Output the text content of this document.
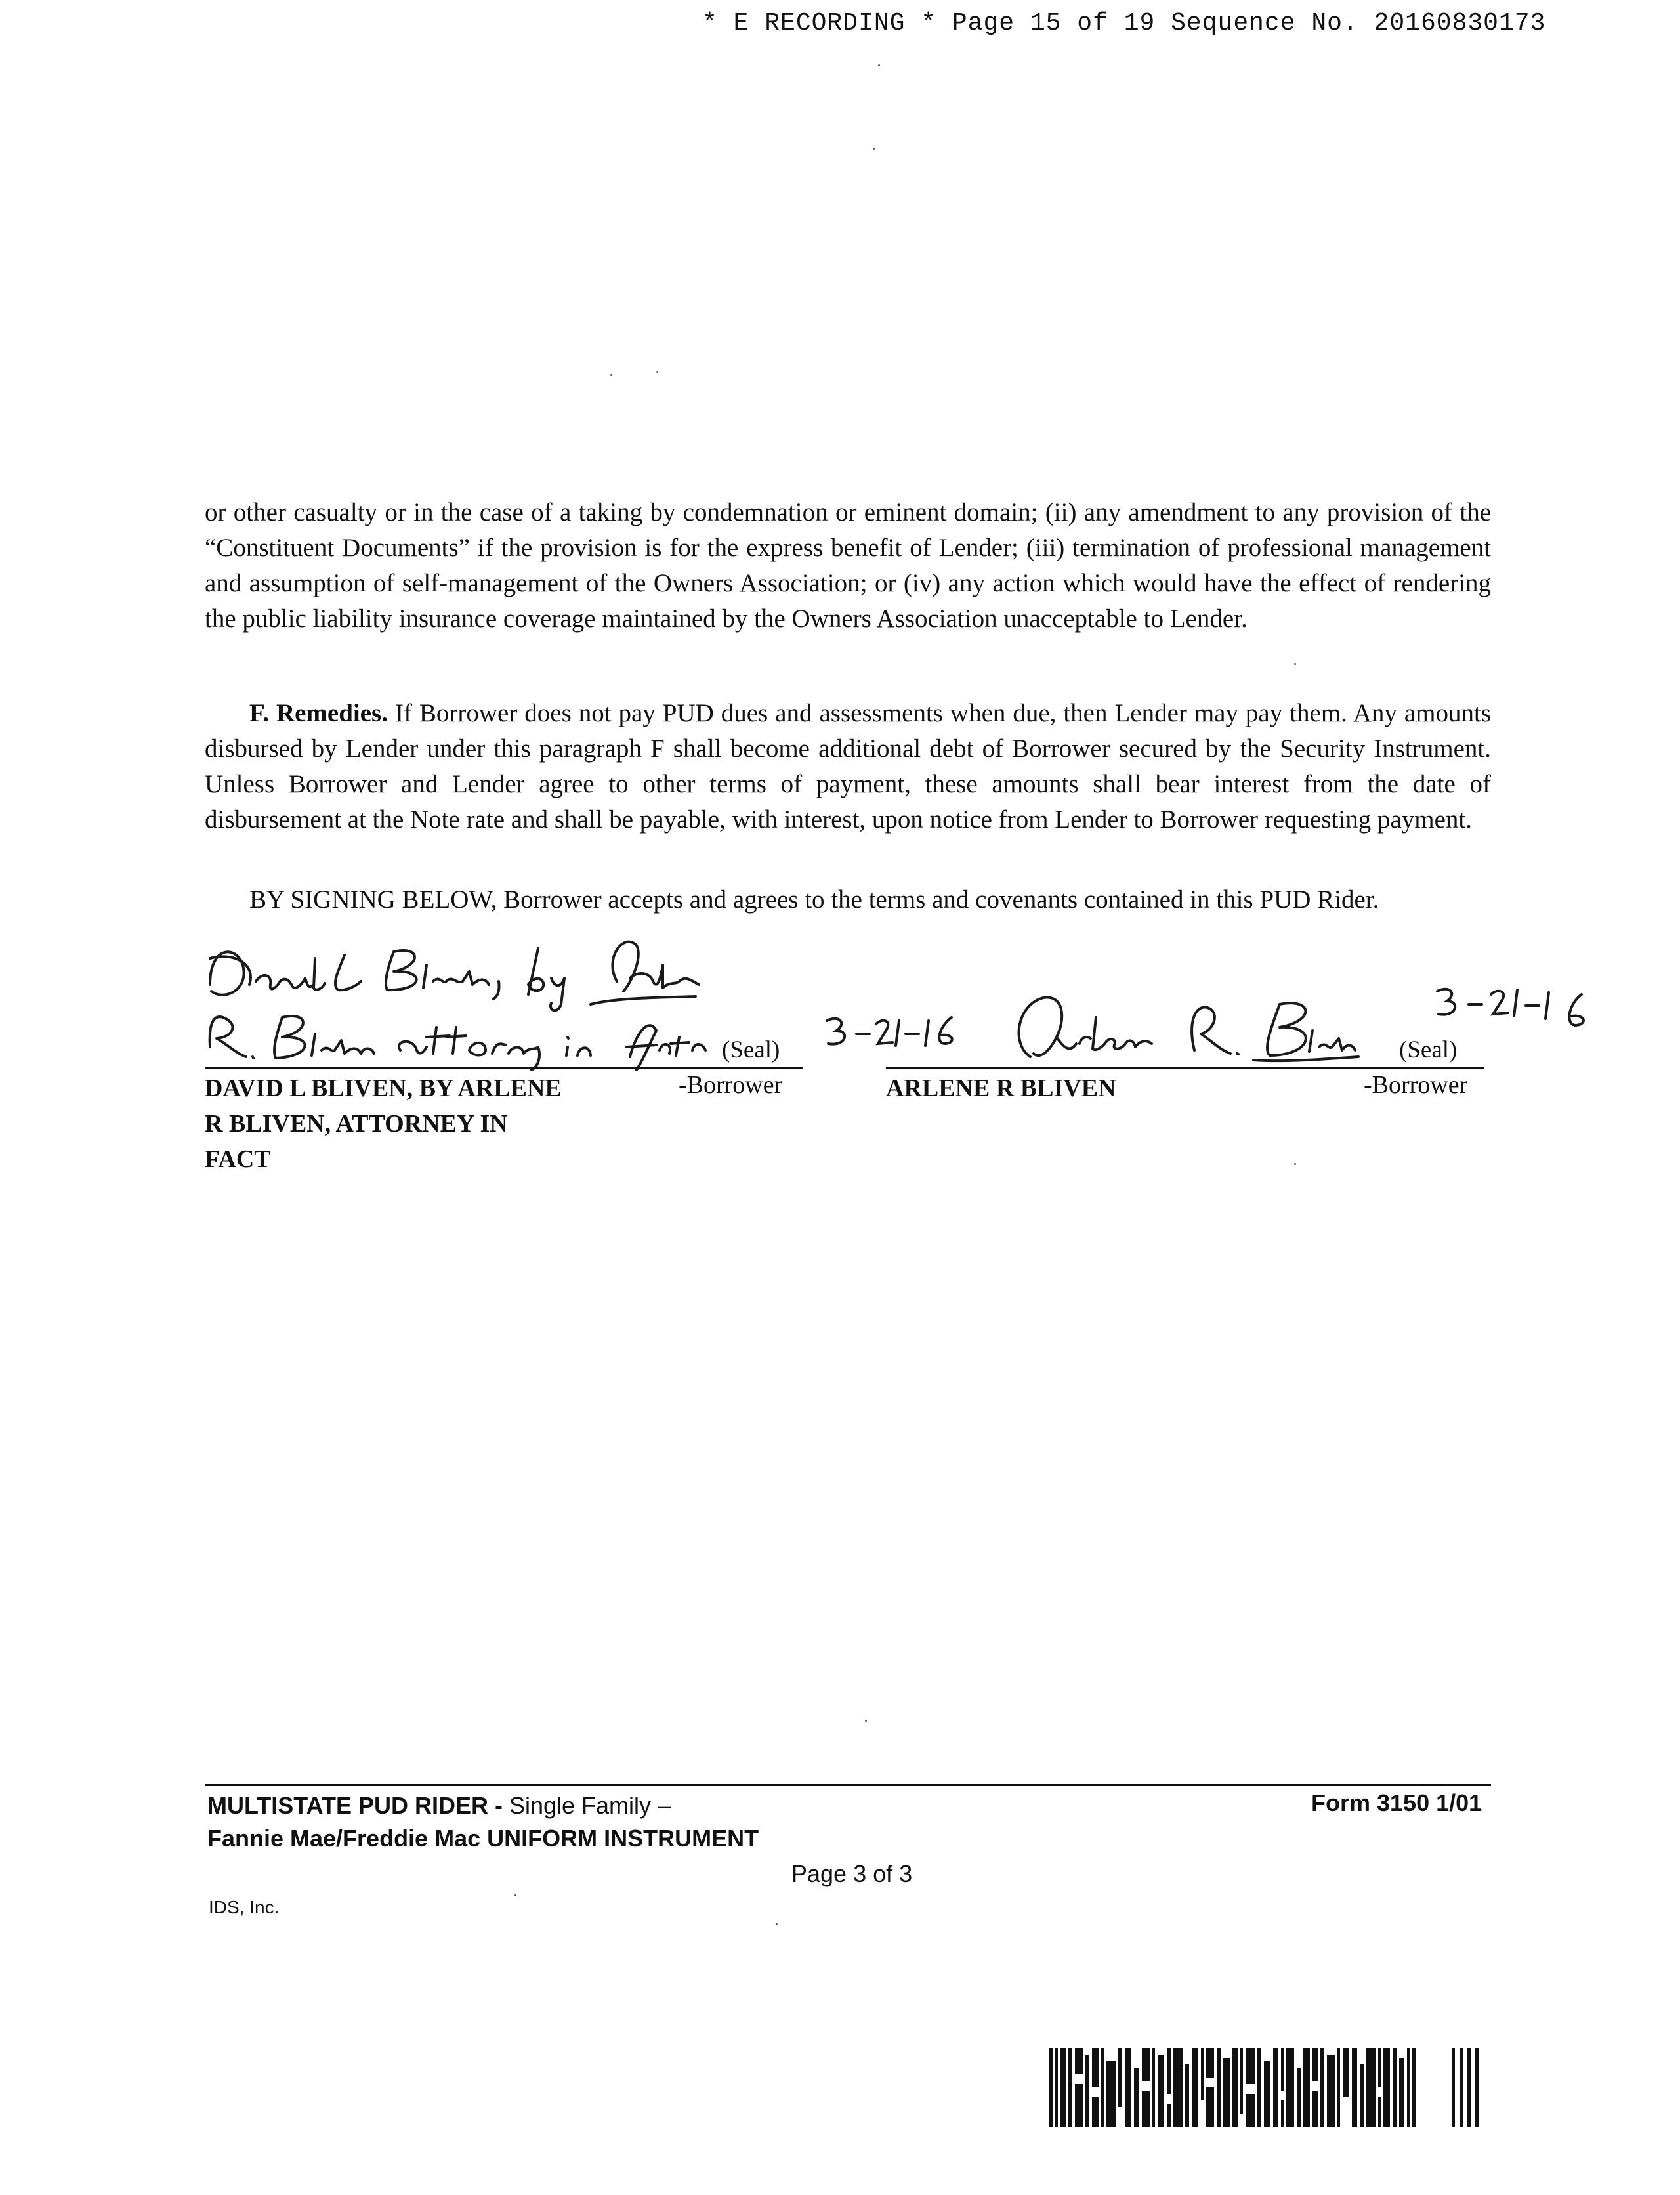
* E RECORDING * Page 15 of 19 Sequence No. 20160830173

or other casualty or in the case of a taking by condemnation or eminent domain; (ii) any amendment to any provision of the “Constituent Documents” if the provision is for the express benefit of Lender; (iii) termination of professional management and assumption of self-management of the Owners Association; or (iv) any action which would have the effect of rendering the public liability insurance coverage maintained by the Owners Association unacceptable to Lender.

F. Remedies. If Borrower does not pay PUD dues and assessments when due, then Lender may pay them. Any amounts disbursed by Lender under this paragraph F shall become additional debt of Borrower secured by the Security Instrument. Unless Borrower and Lender agree to other terms of payment, these amounts shall bear interest from the date of disbursement at the Note rate and shall be payable, with interest, upon notice from Lender to Borrower requesting payment.

BY SIGNING BELOW, Borrower accepts and agrees to the terms and covenants contained in this PUD Rider.

(Seal)	(Seal)

DAVID L BLIVEN, BY ARLENE
R BLIVEN, ATTORNEY IN
FACT

-Borrower	ARLENE R BLIVEN	-Borrower

MULTISTATE PUD RIDER - Single Family –
Fannie Mae/Freddie Mac UNIFORM INSTRUMENT

Form 3150 1/01
Page 3 of 3
IDS, Inc.
